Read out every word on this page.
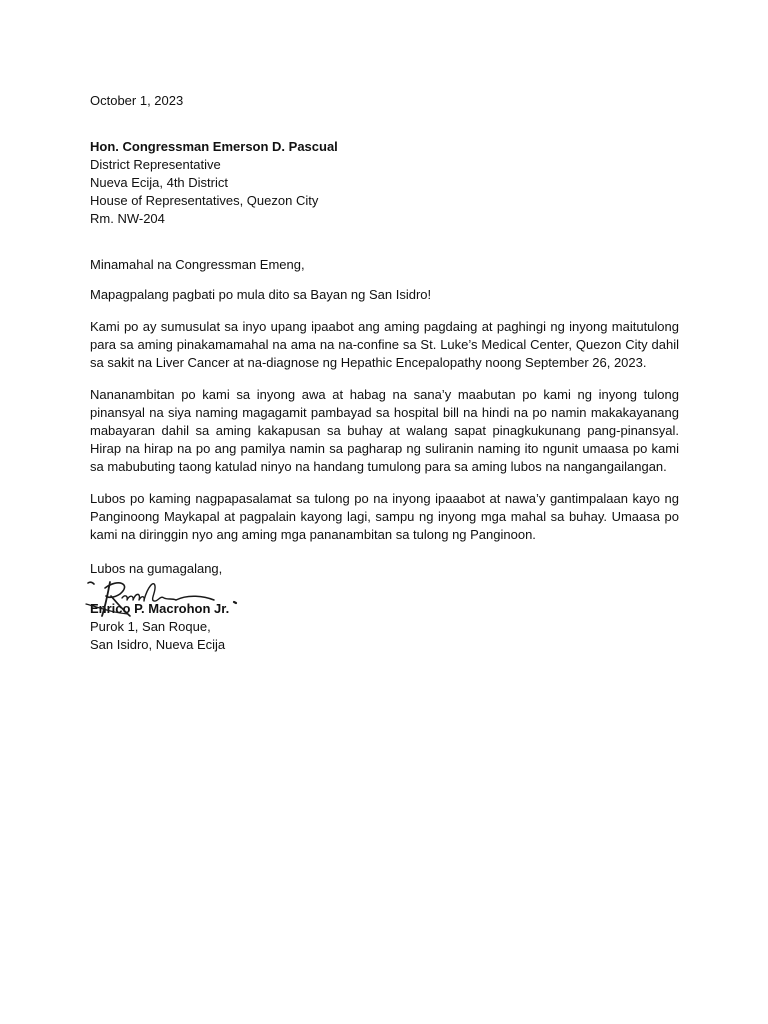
October 1, 2023
Hon. Congressman Emerson D. Pascual
District Representative
Nueva Ecija, 4th District
House of Representatives, Quezon City
Rm. NW-204
Minamahal na Congressman Emeng,
Mapagpalang pagbati po mula dito sa Bayan ng San Isidro!

Kami po ay sumusulat sa inyo upang ipaabot ang aming pagdaing at paghingi ng inyong maitutulong para sa aming pinakamamahal na ama na na-confine sa St. Luke’s Medical Center, Quezon City dahil sa sakit na Liver Cancer at na-diagnose ng Hepathic Encepalopathy noong September 26, 2023.

Nananambitan po kami sa inyong awa at habag na sana’y maabutan po kami ng inyong tulong pinansyal na siya naming magagamit pambayad sa hospital bill na hindi na po namin makakayanang mabayaran dahil sa aming kakapusan sa buhay at walang sapat pinagkukunang pang-pinansyal. Hirap na hirap na po ang pamilya namin sa pagharap ng suliranin naming ito ngunit umaasa po kami sa mabubuting taong katulad ninyo na handang tumulong para sa aming lubos na nangangailangan.

Lubos po kaming nagpapasalamat sa tulong po na inyong ipaaabot at nawa’y gantimpalaan kayo ng Panginoong Maykapal at pagpalain kayong lagi, sampu ng inyong mga mahal sa buhay. Umaasa po kami na diringgin nyo ang aming mga pananambitan sa tulong ng Panginoon.

Lubos na gumagalang,
Enrico P. Macrohon Jr.
Purok 1, San Roque,
San Isidro, Nueva Ecija
